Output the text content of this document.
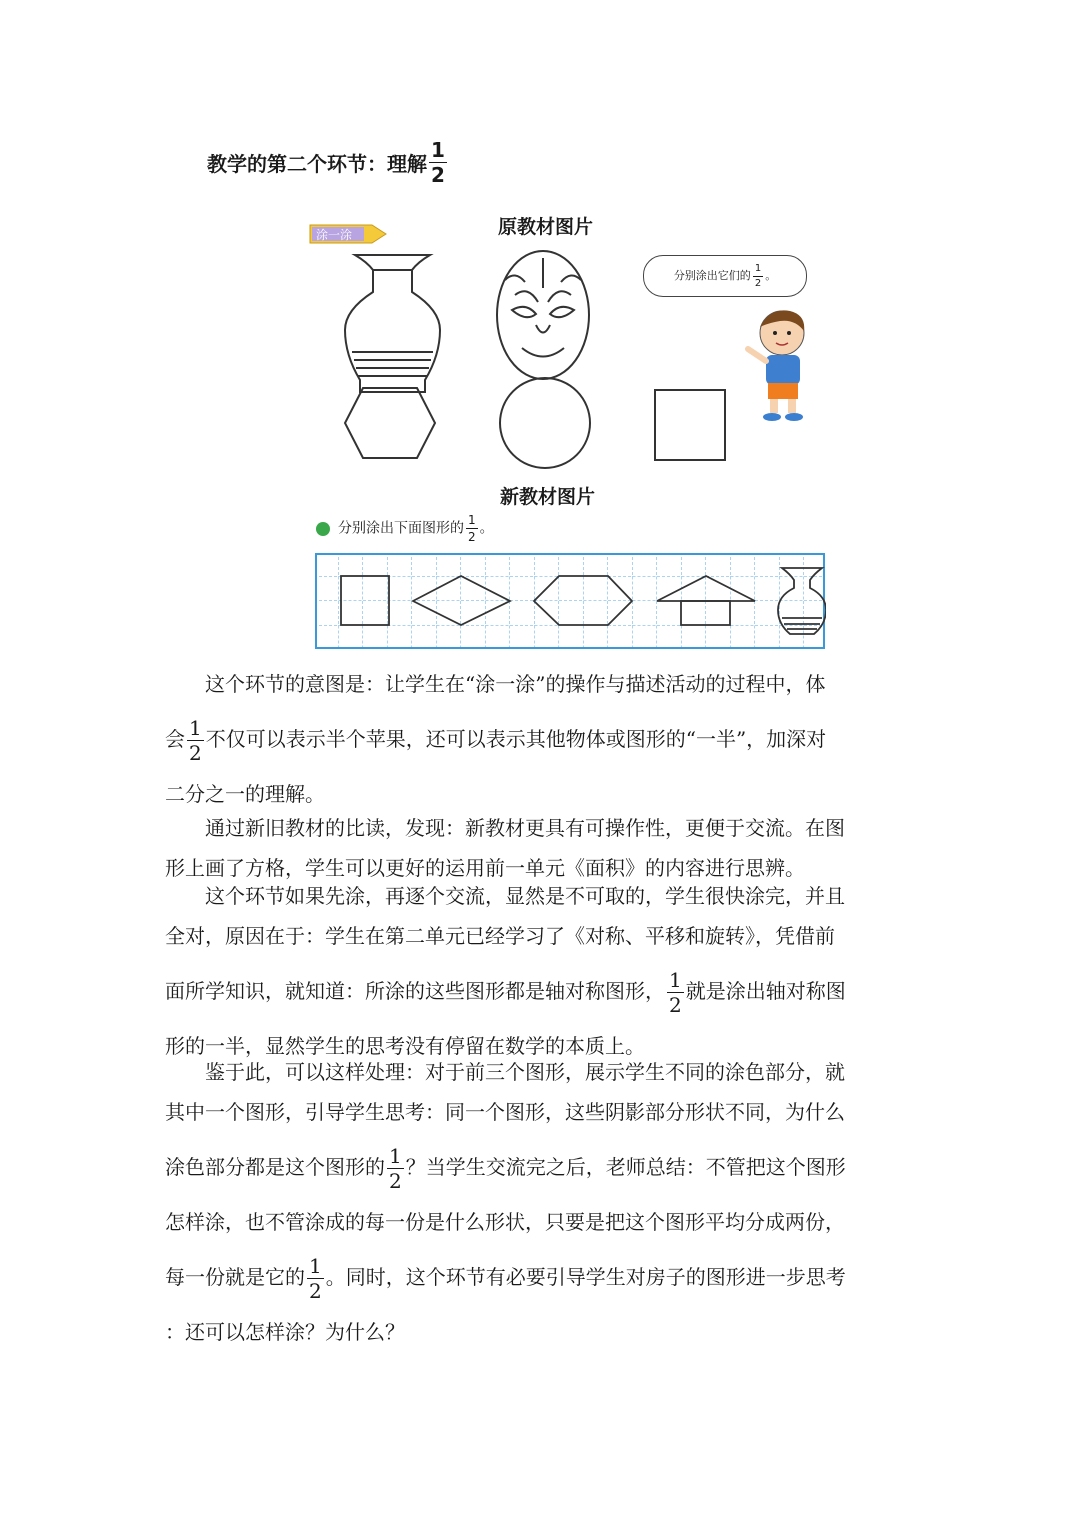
教学的第二个环节：理解 $\frac{1}{2}$
原教材图片
涂一涂
分别涂出它们的 $\frac{1}{2}$ 。
新教材图片
分别涂出下面图形的 $\frac{1}{2}$ 。
这个环节的意图是：让学生在“涂一涂”的操作与描述活动的过程中，体
会 $\frac{1}{2}$ 不仅可以表示半个苹果，还可以表示其他物体或图形的“一半”，加深对
二分之一的理解。
通过新旧教材的比读，发现：新教材更具有可操作性，更便于交流。在图
形上画了方格，学生可以更好的运用前一单元《面积》的内容进行思辨。
这个环节如果先涂，再逐个交流，显然是不可取的，学生很快涂完，并且
全对，原因在于：学生在第二单元已经学习了《对称、平移和旋转》，凭借前
面所学知识，就知道：所涂的这些图形都是轴对称图形， $\frac{1}{2}$ 就是涂出轴对称图
形的一半，显然学生的思考没有停留在数学的本质上。
鉴于此，可以这样处理：对于前三个图形，展示学生不同的涂色部分，就
其中一个图形，引导学生思考：同一个图形，这些阴影部分形状不同，为什么
涂色部分都是这个图形的 $\frac{1}{2}$ ？当学生交流完之后，老师总结：不管把这个图形
怎样涂，也不管涂成的每一份是什么形状，只要是把这个图形平均分成两份，
每一份就是它的 $\frac{1}{2}$ 。同时，这个环节有必要引导学生对房子的图形进一步思考
：还可以怎样涂？为什么？
